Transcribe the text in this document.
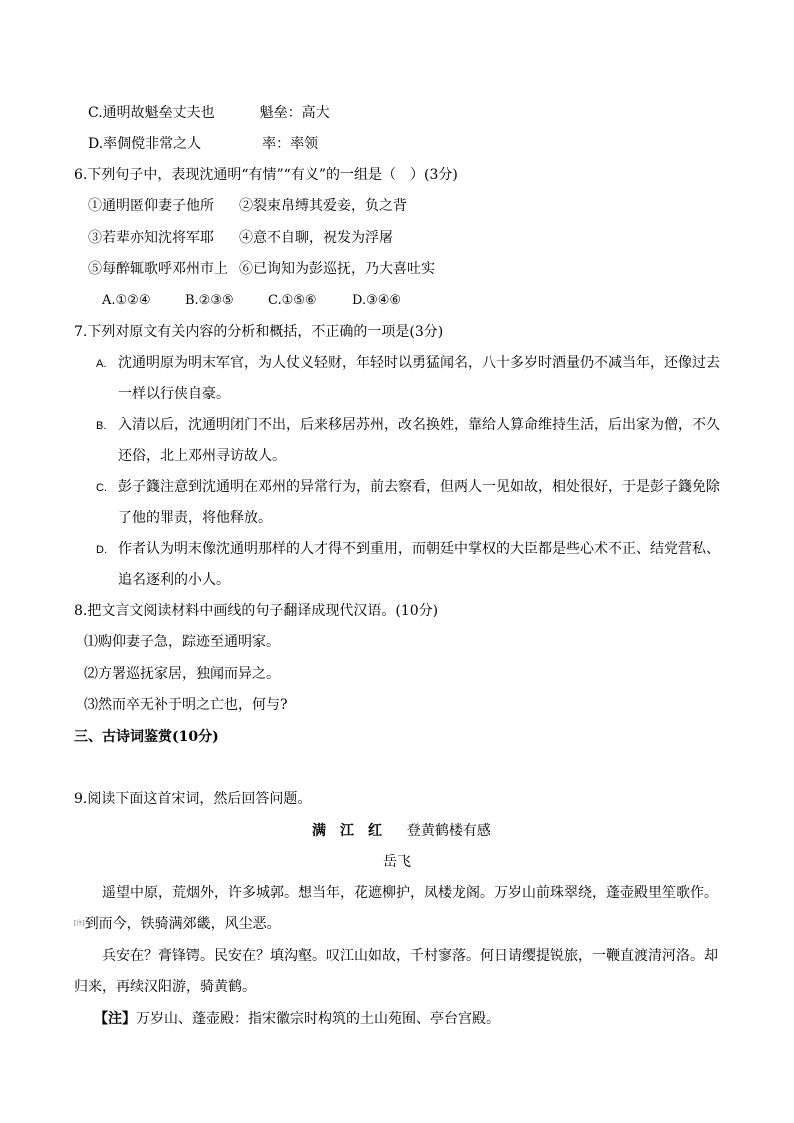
C.通明故魁垒丈夫也	魁垒：高大
D.率倜傥非常之人	率：率领
6.下列句子中，表现沈通明“有情”“有义”的一组是（　）(3分)
①通明匿仰妻子他所 ②裂束帛缚其爱妾，负之背
③若辈亦知沈将军耶 ④意不自聊，祝发为浮屠
⑤每醉辄歌呼邓州市上 ⑥已询知为彭巡抚，乃大喜吐实
A.①②④	B.②③⑤	C.①⑤⑥	D.③④⑥
7.下列对原文有关内容的分析和概括，不正确的一项是(3分)
A. 沈通明原为明末军官，为人仗义轻财，年轻时以勇猛闻名，八十多岁时酒量仍不减当年，还像过去
一样以行侠自豪。
B. 入清以后，沈通明闭门不出，后来移居苏州，改名换姓，靠给人算命维持生活，后出家为僧，不久
还俗，北上邓州寻访故人。
C. 彭子籛注意到沈通明在邓州的异常行为，前去察看，但两人一见如故，相处很好，于是彭子籛免除
了他的罪责，将他释放。
D. 作者认为明末像沈通明那样的人才得不到重用，而朝廷中掌权的大臣都是些心术不正、结党营私、
追名逐利的小人。
8.把文言文阅读材料中画线的句子翻译成现代汉语。(10分)
⑴购仰妻子急，踪迹至通明家。
⑵方署巡抚家居，独闻而异之。
⑶然而卒无补于明之亡也，何与?
三、古诗词鉴赏(10分)
9.阅读下面这首宋词，然后回答问题。
满　江　红 登黄鹤楼有感
岳飞
遥望中原，荒烟外，许多城郭。想当年，花遮柳护，凤楼龙阁。万岁山前珠翠绕，蓬壶殿里笙歌作。
[注]到而今，铁骑满郊畿，风尘恶。
兵安在？膏锋锷。民安在？填沟壑。叹江山如故，千村寥落。何日请缨提锐旅，一鞭直渡清河洛。却
归来，再续汉阳游，骑黄鹤。
【注】万岁山、蓬壶殿：指宋徽宗时构筑的土山苑囿、亭台宫殿。
